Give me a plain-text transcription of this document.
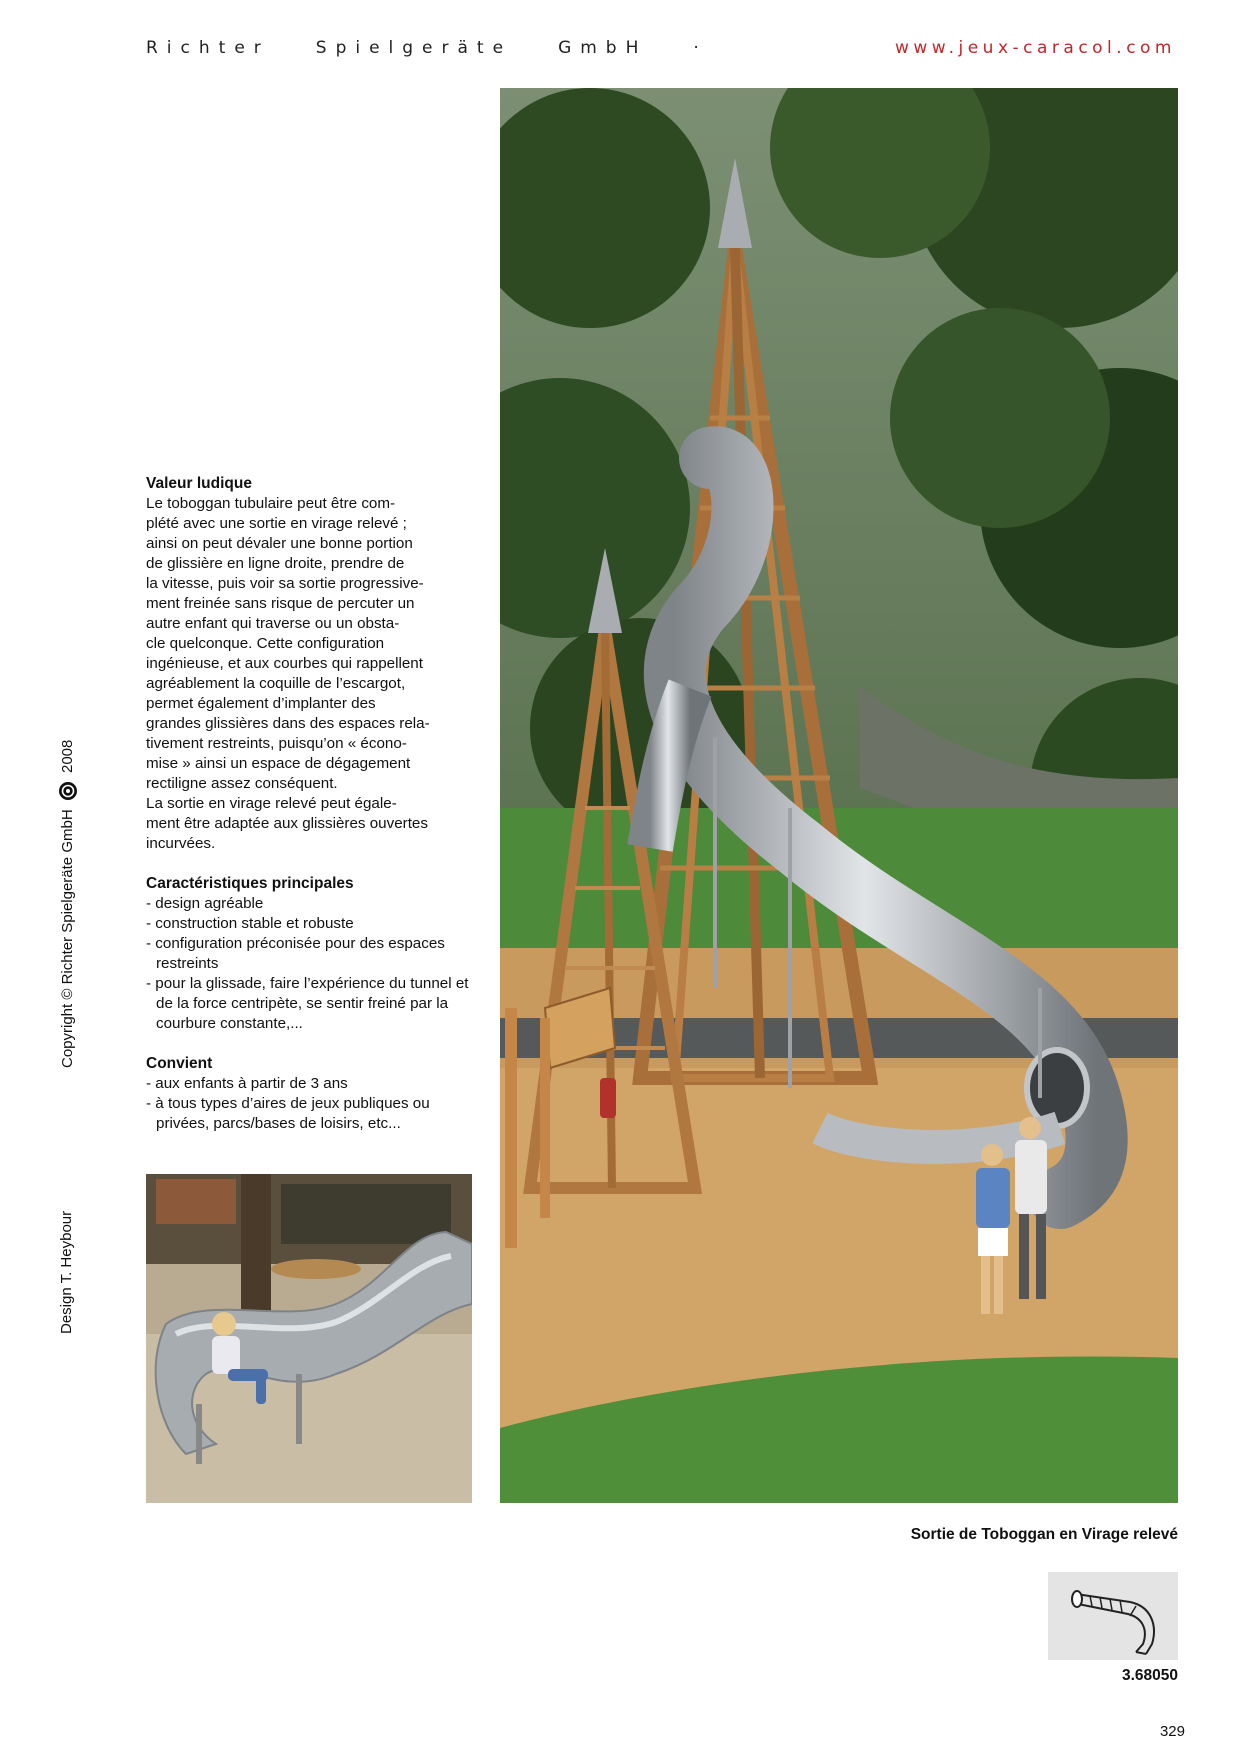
Richter	Spielgeräte	GmbH	·	www.jeux-caracol.com
Copyright © Richter Spielgeräte GmbH  2008
Design T. Heybour
Valeur ludique

Le toboggan tubulaire peut être com-

plété avec une sortie en virage relevé ;

ainsi on peut dévaler une bonne portion

de glissière en ligne droite, prendre de

la vitesse, puis voir sa sortie progressive-

ment freinée sans risque de percuter un

autre enfant qui traverse ou un obsta-

cle quelconque. Cette configuration

ingénieuse, et aux courbes qui rappellent

agréablement la coquille de l’escargot,

permet également d’implanter des

grandes glissières dans des espaces rela-

tivement restreints, puisqu’on « écono-

mise » ainsi un espace de dégagement

rectiligne assez conséquent.

La sortie en virage relevé peut égale-

ment être adaptée aux glissières ouvertes

incurvées.

Caractéristiques principales
- design agréable
- construction stable et robuste
- configuration préconisée pour des espaces restreints
- pour la glissade, faire l’expérience du tunnel et de la force centripète, se sentir freiné par la courbure constante,...
Convient
- aux enfants à partir de 3 ans
- à tous types d’aires de jeux publiques ou privées, parcs/bases de loisirs, etc...
Sortie de Toboggan en Virage relevé
3.68050
329
